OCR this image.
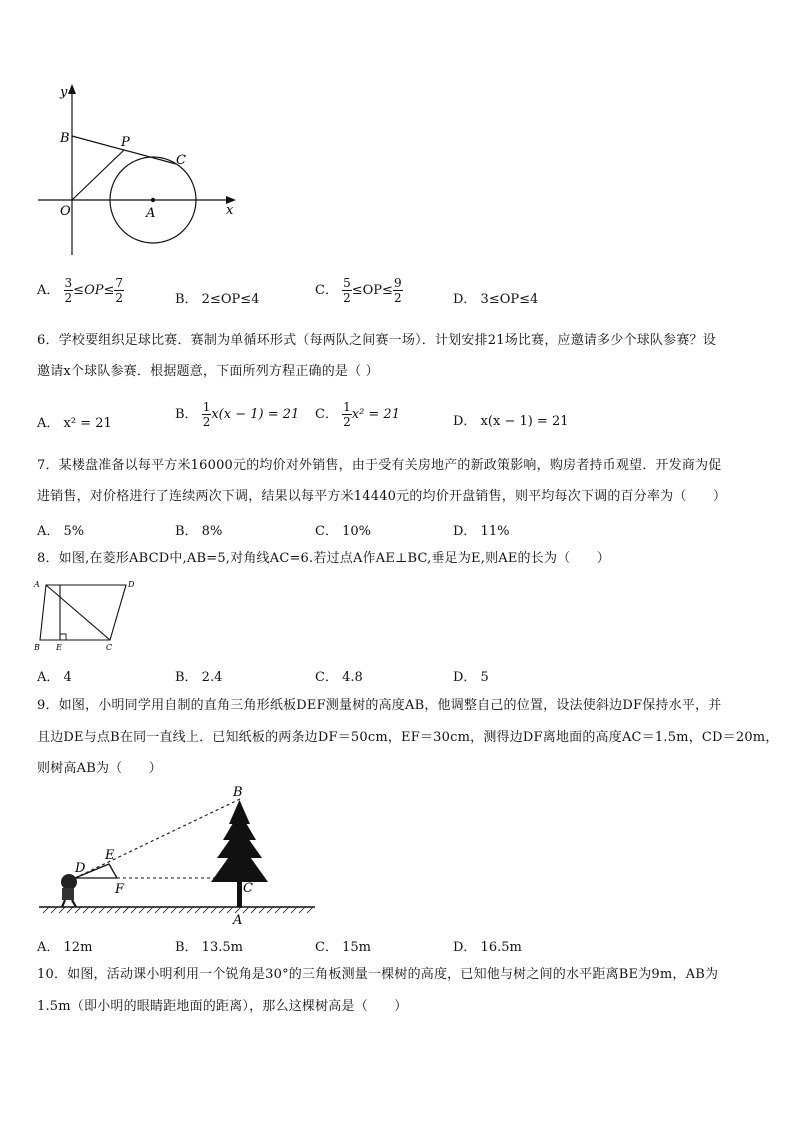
y
B	P
C
O	A	x
A． $\frac{3}{2} \le OP\le \frac{7}{2}$	B． 2≤OP≤4
C． $\frac{5}{2} \le OP\le \frac{9}{2}$	D． 3≤OP≤4
6．学校要组织足球比赛．赛制为单循环形式（每两队之间赛一场）．计划安排21场比赛，应邀请多少个球队参赛？设
邀请x个球队参赛．根据题意，下面所列方程正确的是（ ）
A． x² = 21
B． $\frac{1}{2} x(x - 1) = 21$ C． $\frac{1}{2} x^2 = 21$	D． x(x − 1) = 21
7．某楼盘准备以每平方米16000元的均价对外销售，由于受有关房地产的新政策影响，购房者持币观望．开发商为促
进销售，对价格进行了连续两次下调，结果以每平方米14440元的均价开盘销售，则平均每次下调的百分率为（　　）
A． 5%	B． 8%	C． 10%	D． 11%
8．如图,在菱形ABCD中,AB=5,对角线AC=6.若过点A作AE⊥BC,垂足为E,则AE的长为（　　）
A	D
B E	C
A． 4	B． 2.4	C． 4.8	D． 5
9．如图，小明同学用自制的直角三角形纸板DEF测量树的高度AB，他调整自己的位置，设法使斜边DF保持水平，并
且边DE与点B在同一直线上．已知纸板的两条边DF＝50cm，EF＝30cm，测得边DF离地面的高度AC＝1.5m，CD＝20m，
则树高AB为（　　）
B
D
E
F	C
A
A． 12m	B． 13.5m	C． 15m	D． 16.5m
10．如图，活动课小明利用一个锐角是30°的三角板测量一棵树的高度，已知他与树之间的水平距离BE为9m，AB为
1.5m（即小明的眼睛距地面的距离），那么这棵树高是（　　）
